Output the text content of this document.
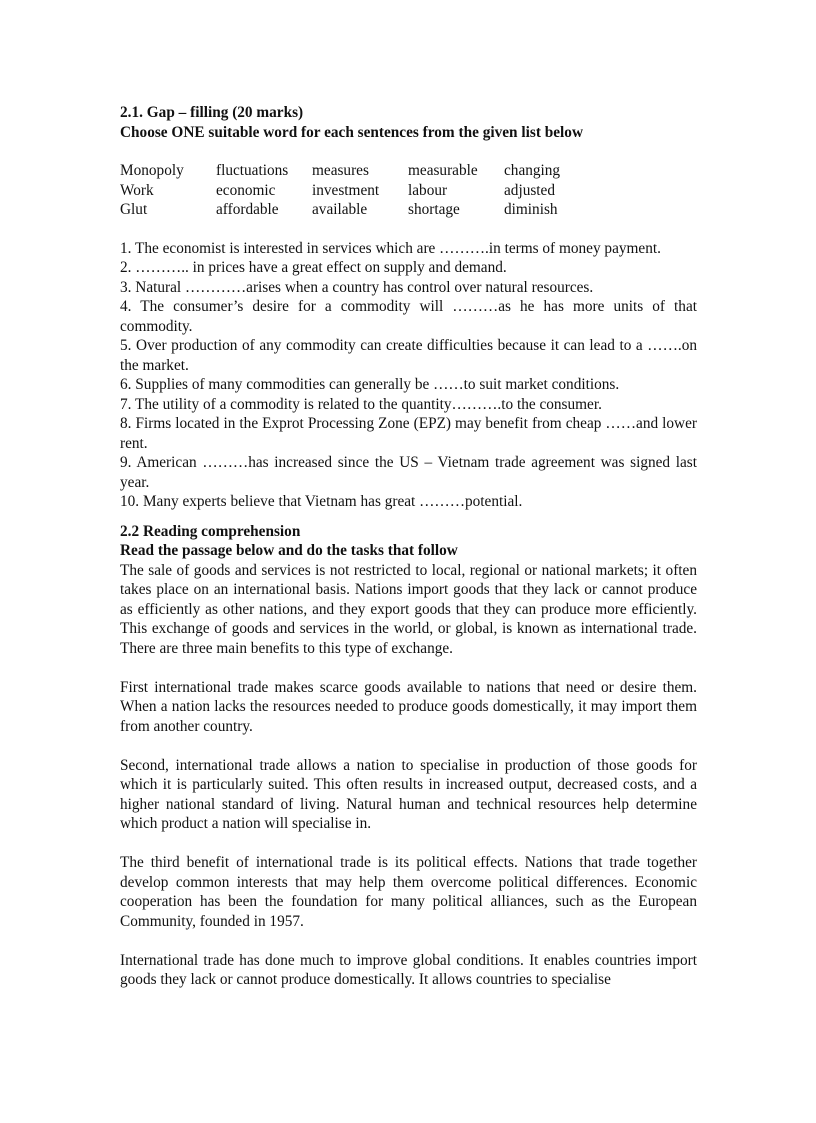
2.1. Gap – filling (20 marks)
Choose ONE suitable word for each sentences from the given list below
Monopoly	fluctuations	measures	measurable	changing
Work	economic	investment	labour	adjusted
Glut	affordable	available	shortage	diminish
1. The economist is interested in services which are ……….in terms of money payment.
2. ……….. in prices have a great effect on supply and demand.
3. Natural …………arises when a country has control over natural resources.
4. The consumer’s desire for a commodity will ………as he has more units of that commodity.
5. Over production of any commodity can create difficulties because it can lead to a …….on the market.
6. Supplies of many commodities can generally be ……to suit market conditions.
7. The utility of a commodity is related to the quantity……….to the consumer.
8. Firms located in the Exprot Processing Zone (EPZ) may benefit from cheap ……and lower rent.
9. American ………has increased since the US – Vietnam trade agreement was signed last year.
10. Many experts believe that Vietnam has great ………potential.
2.2 Reading comprehension
Read the passage below and do the tasks that follow

The sale of goods and services is not restricted to local, regional or national markets; it often takes place on an international basis. Nations import goods that they lack or cannot produce as efficiently as other nations, and they export goods that they can produce more efficiently. This exchange of goods and services in the world, or global, is known as international trade. There are three main benefits to this type of exchange.

First international trade makes scarce goods available to nations that need or desire them. When a nation lacks the resources needed to produce goods domestically, it may import them from another country.

Second, international trade allows a nation to specialise in production of those goods for which it is particularly suited. This often results in increased output, decreased costs, and a higher national standard of living. Natural human and technical resources help determine which product a nation will specialise in.

The third benefit of international trade is its political effects. Nations that trade together develop common interests that may help them overcome political differences. Economic cooperation has been the foundation for many political alliances, such as the European Community, founded in 1957.

International trade has done much to improve global conditions. It enables countries import goods they lack or cannot produce domestically. It allows countries to specialise
